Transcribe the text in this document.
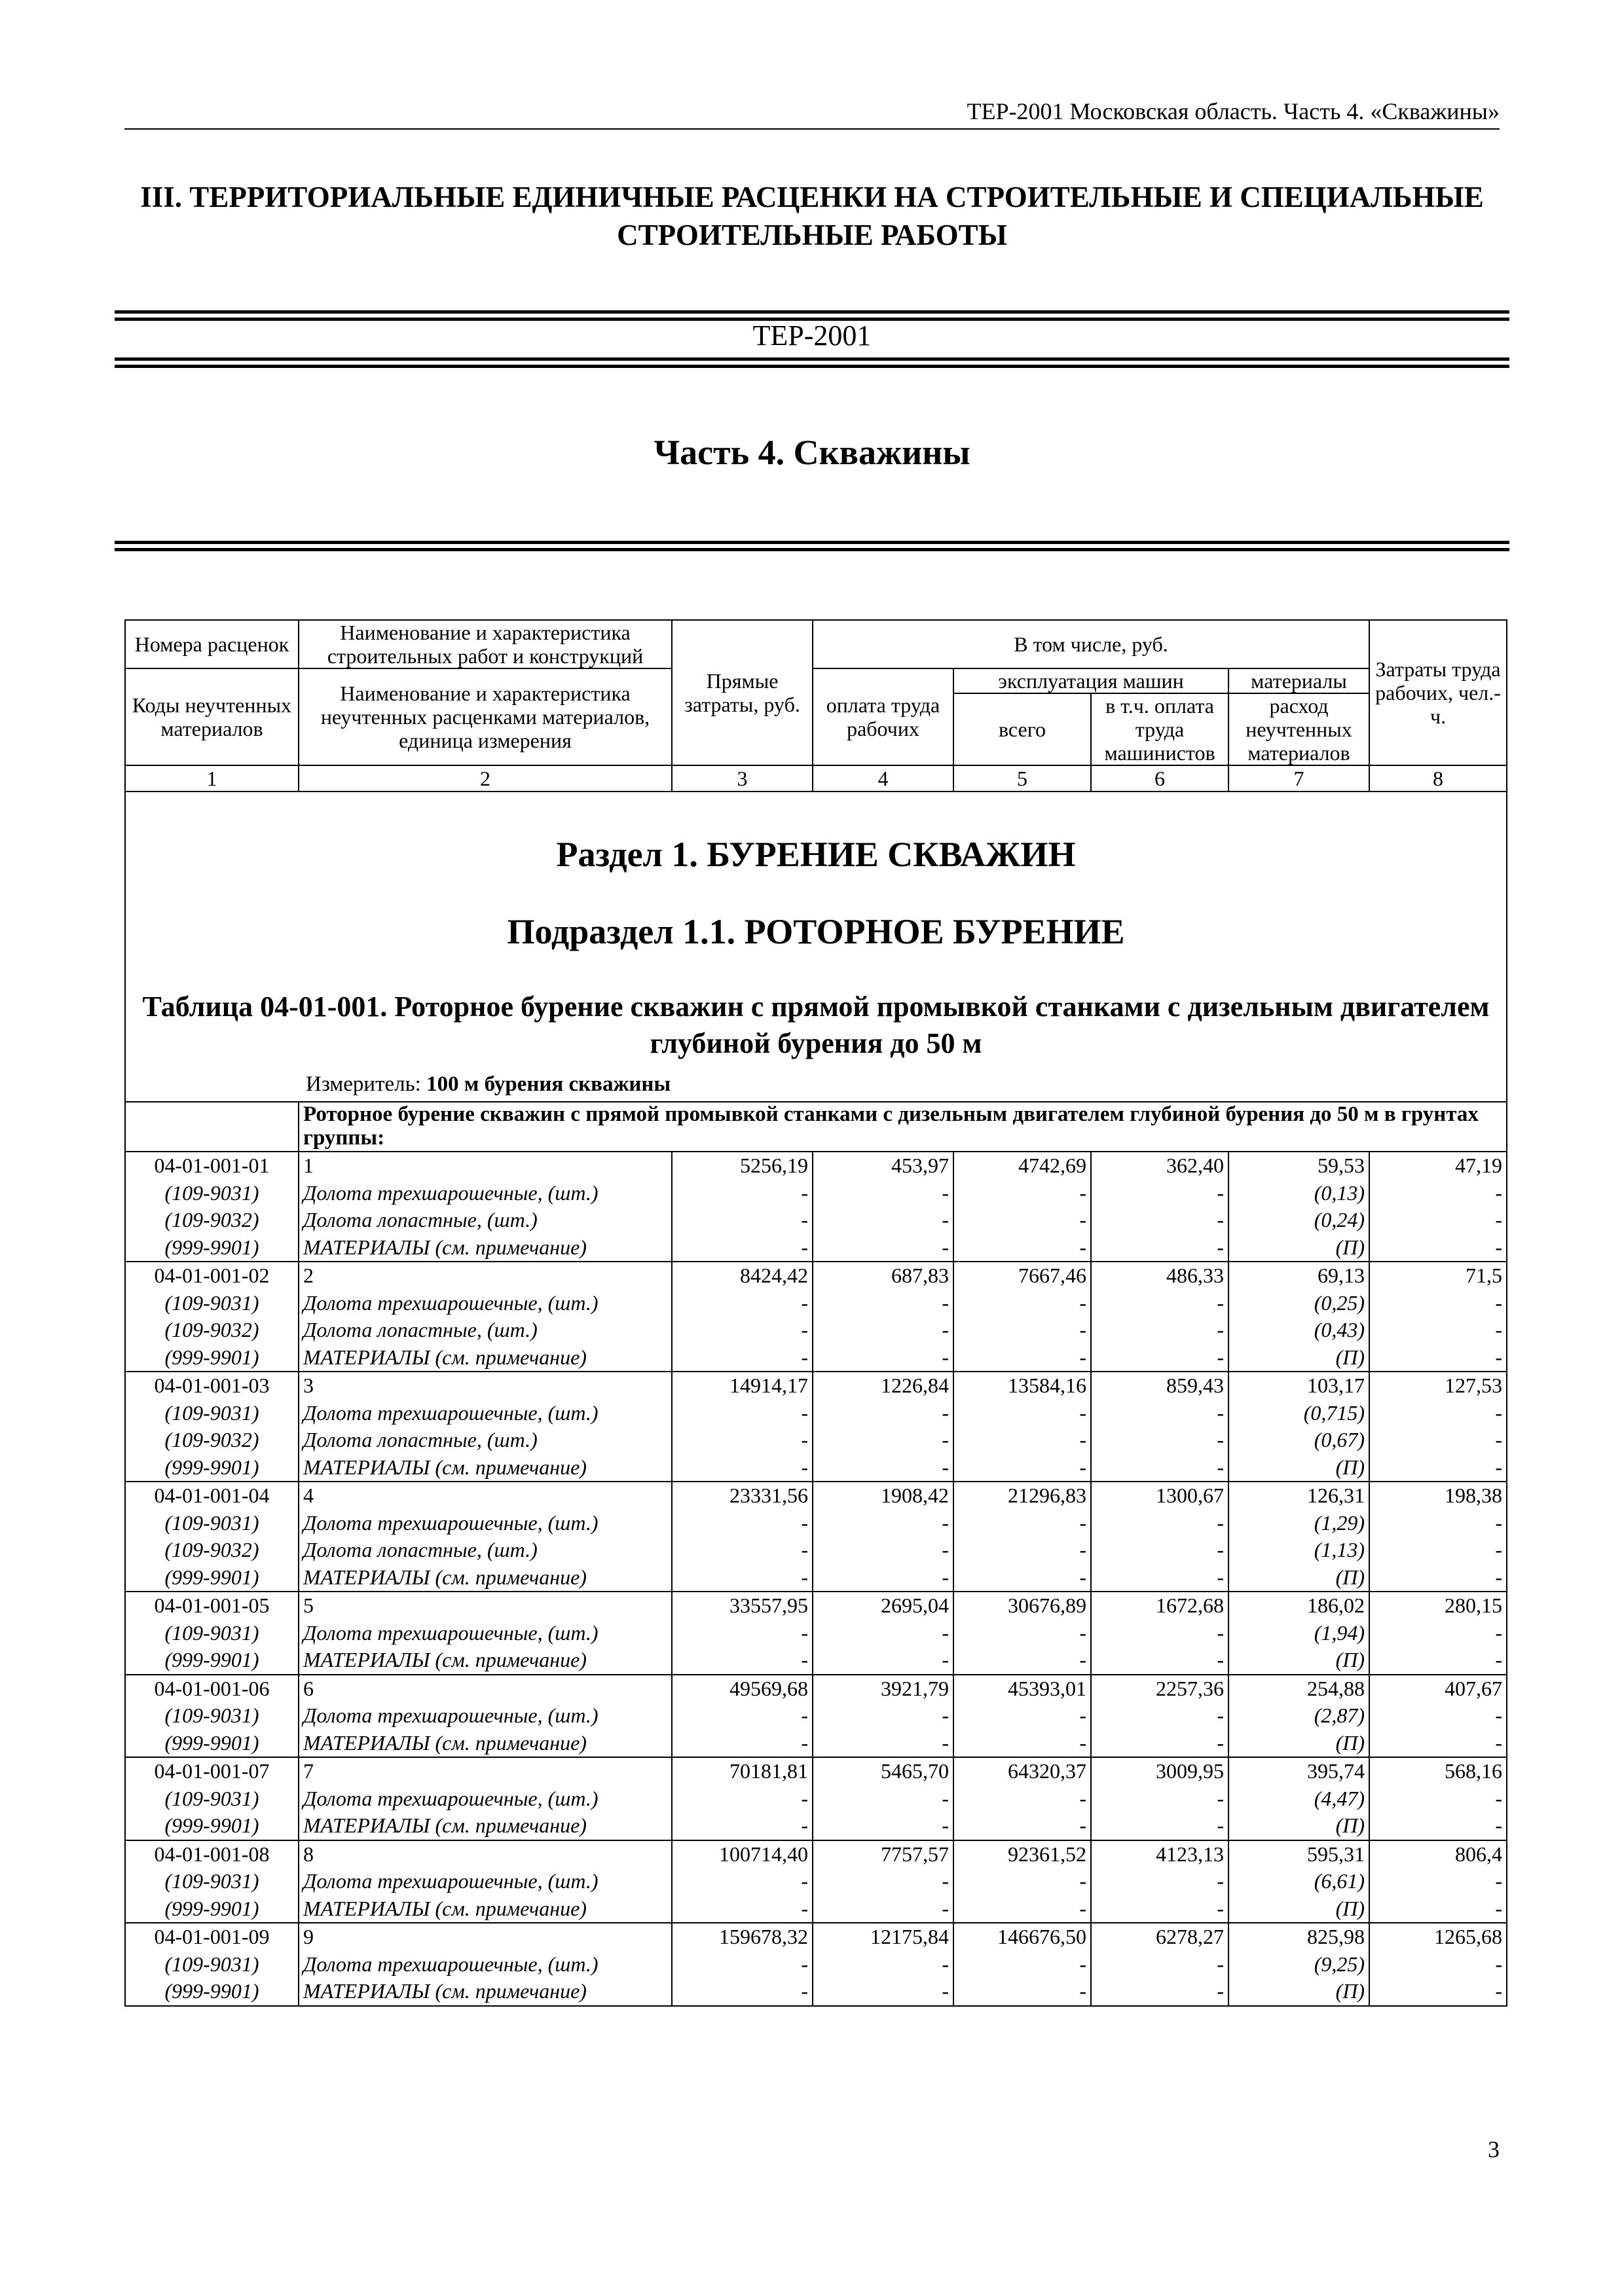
ТЕР-2001 Московская область. Часть 4. «Скважины»
III. ТЕРРИТОРИАЛЬНЫЕ ЕДИНИЧНЫЕ РАСЦЕНКИ НА СТРОИТЕЛЬНЫЕ И СПЕЦИАЛЬНЫЕ СТРОИТЕЛЬНЫЕ РАБОТЫ
ТЕР-2001
Часть 4. Скважины
Номера расценок	Наименование и характеристика строительных работ и конструкций	Прямые затраты, руб.	В том числе, руб.				Затраты труда рабочих, чел.-ч.
Коды неучтенных материалов	Наименование и характеристика неучтенных расценками материалов, единица измерения		оплата труда рабочих	эксплуатация машин		материалы	
				всего	в т.ч. оплата труда машинистов	расход неучтенных материалов	
1	2	3	4	5	6	7	8

Раздел 1. БУРЕНИЕ СКВАЖИН
Подраздел 1.1. РОТОРНОЕ БУРЕНИЕ
Таблица 04-01-001. Роторное бурение скважин с прямой промывкой станками с дизельным двигателем глубиной бурения до 50 м
Измеритель: 100 м бурения скважины							

	Роторное бурение скважин с прямой промывкой станками с дизельным двигателем глубиной бурения до 50 м в грунтах группы:						
04-01-001-01	1	5256,19	453,97	4742,69	362,40	59,53	47,19
(109-9031)	Долота трехшарошечные, (шт.)	-	-	-	-	(0,13)	-
(109-9032)	Долота лопастные, (шт.)	-	-	-	-	(0,24)	-
(999-9901)	МАТЕРИАЛЫ (см. примечание)	-	-	-	-	(П)	-
04-01-001-02	2	8424,42	687,83	7667,46	486,33	69,13	71,5
(109-9031)	Долота трехшарошечные, (шт.)	-	-	-	-	(0,25)	-
(109-9032)	Долота лопастные, (шт.)	-	-	-	-	(0,43)	-
(999-9901)	МАТЕРИАЛЫ (см. примечание)	-	-	-	-	(П)	-
04-01-001-03	3	14914,17	1226,84	13584,16	859,43	103,17	127,53
(109-9031)	Долота трехшарошечные, (шт.)	-	-	-	-	(0,715)	-
(109-9032)	Долота лопастные, (шт.)	-	-	-	-	(0,67)	-
(999-9901)	МАТЕРИАЛЫ (см. примечание)	-	-	-	-	(П)	-
04-01-001-04	4	23331,56	1908,42	21296,83	1300,67	126,31	198,38
(109-9031)	Долота трехшарошечные, (шт.)	-	-	-	-	(1,29)	-
(109-9032)	Долота лопастные, (шт.)	-	-	-	-	(1,13)	-
(999-9901)	МАТЕРИАЛЫ (см. примечание)	-	-	-	-	(П)	-
04-01-001-05	5	33557,95	2695,04	30676,89	1672,68	186,02	280,15
(109-9031)	Долота трехшарошечные, (шт.)	-	-	-	-	(1,94)	-
(999-9901)	МАТЕРИАЛЫ (см. примечание)	-	-	-	-	(П)	-
04-01-001-06	6	49569,68	3921,79	45393,01	2257,36	254,88	407,67
(109-9031)	Долота трехшарошечные, (шт.)	-	-	-	-	(2,87)	-
(999-9901)	МАТЕРИАЛЫ (см. примечание)	-	-	-	-	(П)	-
04-01-001-07	7	70181,81	5465,70	64320,37	3009,95	395,74	568,16
(109-9031)	Долота трехшарошечные, (шт.)	-	-	-	-	(4,47)	-
(999-9901)	МАТЕРИАЛЫ (см. примечание)	-	-	-	-	(П)	-
04-01-001-08	8	100714,40	7757,57	92361,52	4123,13	595,31	806,4
(109-9031)	Долота трехшарошечные, (шт.)	-	-	-	-	(6,61)	-
(999-9901)	МАТЕРИАЛЫ (см. примечание)	-	-	-	-	(П)	-
04-01-001-09	9	159678,32	12175,84	146676,50	6278,27	825,98	1265,68
(109-9031)	Долота трехшарошечные, (шт.)	-	-	-	-	(9,25)	-
(999-9901)	МАТЕРИАЛЫ (см. примечание)	-	-	-	-	(П)	-
3
